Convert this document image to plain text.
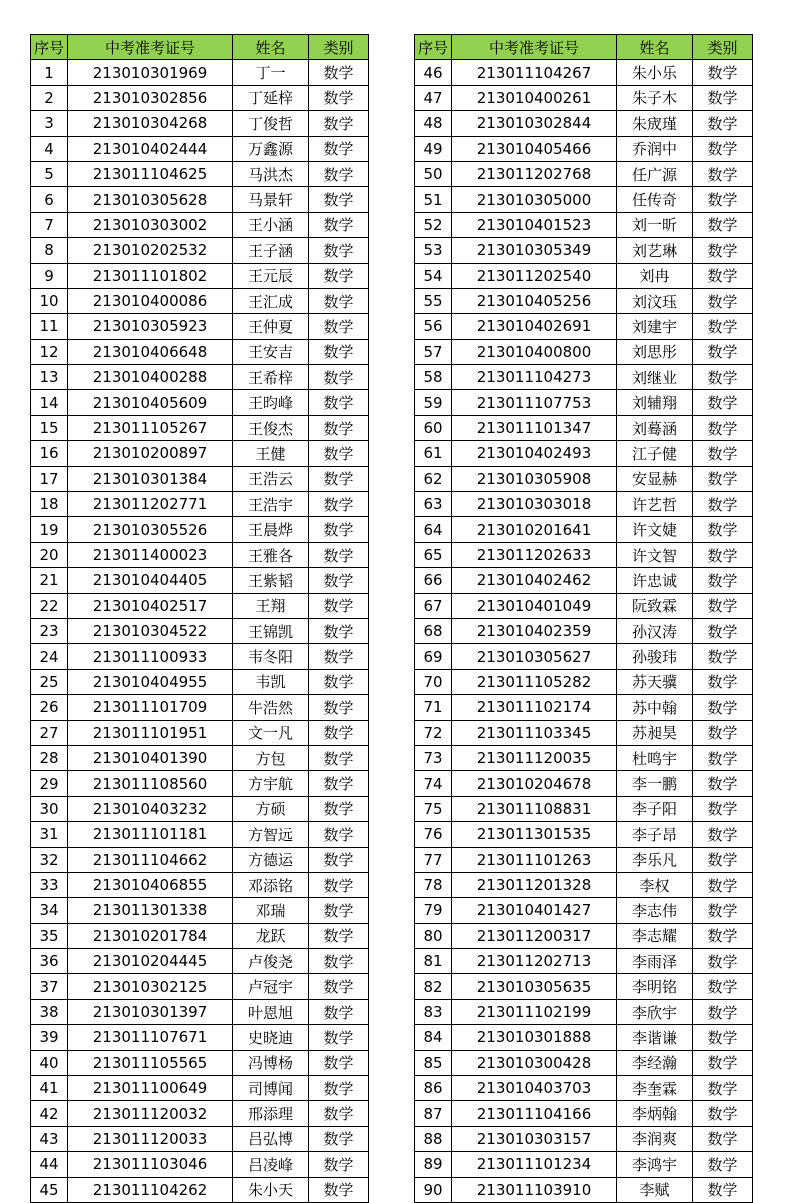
序号	中考准考证号	姓名	类别
1	213010301969	丁一	数学
2	213010302856	丁延梓	数学
3	213010304268	丁俊哲	数学
4	213010402444	万鑫源	数学
5	213011104625	马洪杰	数学
6	213010305628	马景轩	数学
7	213010303002	王小涵	数学
8	213010202532	王子涵	数学
9	213011101802	王元辰	数学
10	213010400086	王汇成	数学
11	213010305923	王仲夏	数学
12	213010406648	王安吉	数学
13	213010400288	王希梓	数学
14	213010405609	王昀峰	数学
15	213011105267	王俊杰	数学
16	213010200897	王健	数学
17	213010301384	王浩云	数学
18	213011202771	王浩宇	数学
19	213010305526	王晨烨	数学
20	213011400023	王雅各	数学
21	213010404405	王紫韬	数学
22	213010402517	王翔	数学
23	213010304522	王锦凯	数学
24	213011100933	韦冬阳	数学
25	213010404955	韦凯	数学
26	213011101709	牛浩然	数学
27	213011101951	文一凡	数学
28	213010401390	方包	数学
29	213011108560	方宇航	数学
30	213010403232	方硕	数学
31	213011101181	方智远	数学
32	213011104662	方德运	数学
33	213010406855	邓添铭	数学
34	213011301338	邓瑞	数学
35	213010201784	龙跃	数学
36	213010204445	卢俊尧	数学
37	213010302125	卢冠宇	数学
38	213010301397	叶恩旭	数学
39	213011107671	史晓迪	数学
40	213011105565	冯博杨	数学
41	213011100649	司博闻	数学
42	213011120032	邢添理	数学
43	213011120033	吕弘博	数学
44	213011103046	吕凌峰	数学
45	213011104262	朱小天	数学
序号	中考准考证号	姓名	类别
46	213011104267	朱小乐	数学
47	213010400261	朱子木	数学
48	213010302844	朱宬瑾	数学
49	213010405466	乔润中	数学
50	213011202768	任广源	数学
51	213010305000	任传奇	数学
52	213010401523	刘一昕	数学
53	213010305349	刘艺琳	数学
54	213011202540	刘冉	数学
55	213010405256	刘汶珏	数学
56	213010402691	刘建宇	数学
57	213010400800	刘思彤	数学
58	213011104273	刘继业	数学
59	213011107753	刘辅翔	数学
60	213011101347	刘蓦涵	数学
61	213010402493	江子健	数学
62	213010305908	安显赫	数学
63	213010303018	许艺哲	数学
64	213010201641	许文婕	数学
65	213011202633	许文智	数学
66	213010402462	许忠诚	数学
67	213010401049	阮致霖	数学
68	213010402359	孙汉涛	数学
69	213010305627	孙骏玮	数学
70	213011105282	苏天骥	数学
71	213011102174	苏中翰	数学
72	213011103345	苏昶昊	数学
73	213011120035	杜鸣宇	数学
74	213010204678	李一鹏	数学
75	213011108831	李子阳	数学
76	213011301535	李子昂	数学
77	213011101263	李乐凡	数学
78	213011201328	李权	数学
79	213010401427	李志伟	数学
80	213011200317	李志耀	数学
81	213011202713	李雨泽	数学
82	213010305635	李明铭	数学
83	213011102199	李欣宇	数学
84	213010301888	李谐谦	数学
85	213010300428	李经瀚	数学
86	213010403703	李奎霖	数学
87	213011104166	李炳翰	数学
88	213010303157	李润爽	数学
89	213011101234	李鸿宇	数学
90	213011103910	李赋	数学
